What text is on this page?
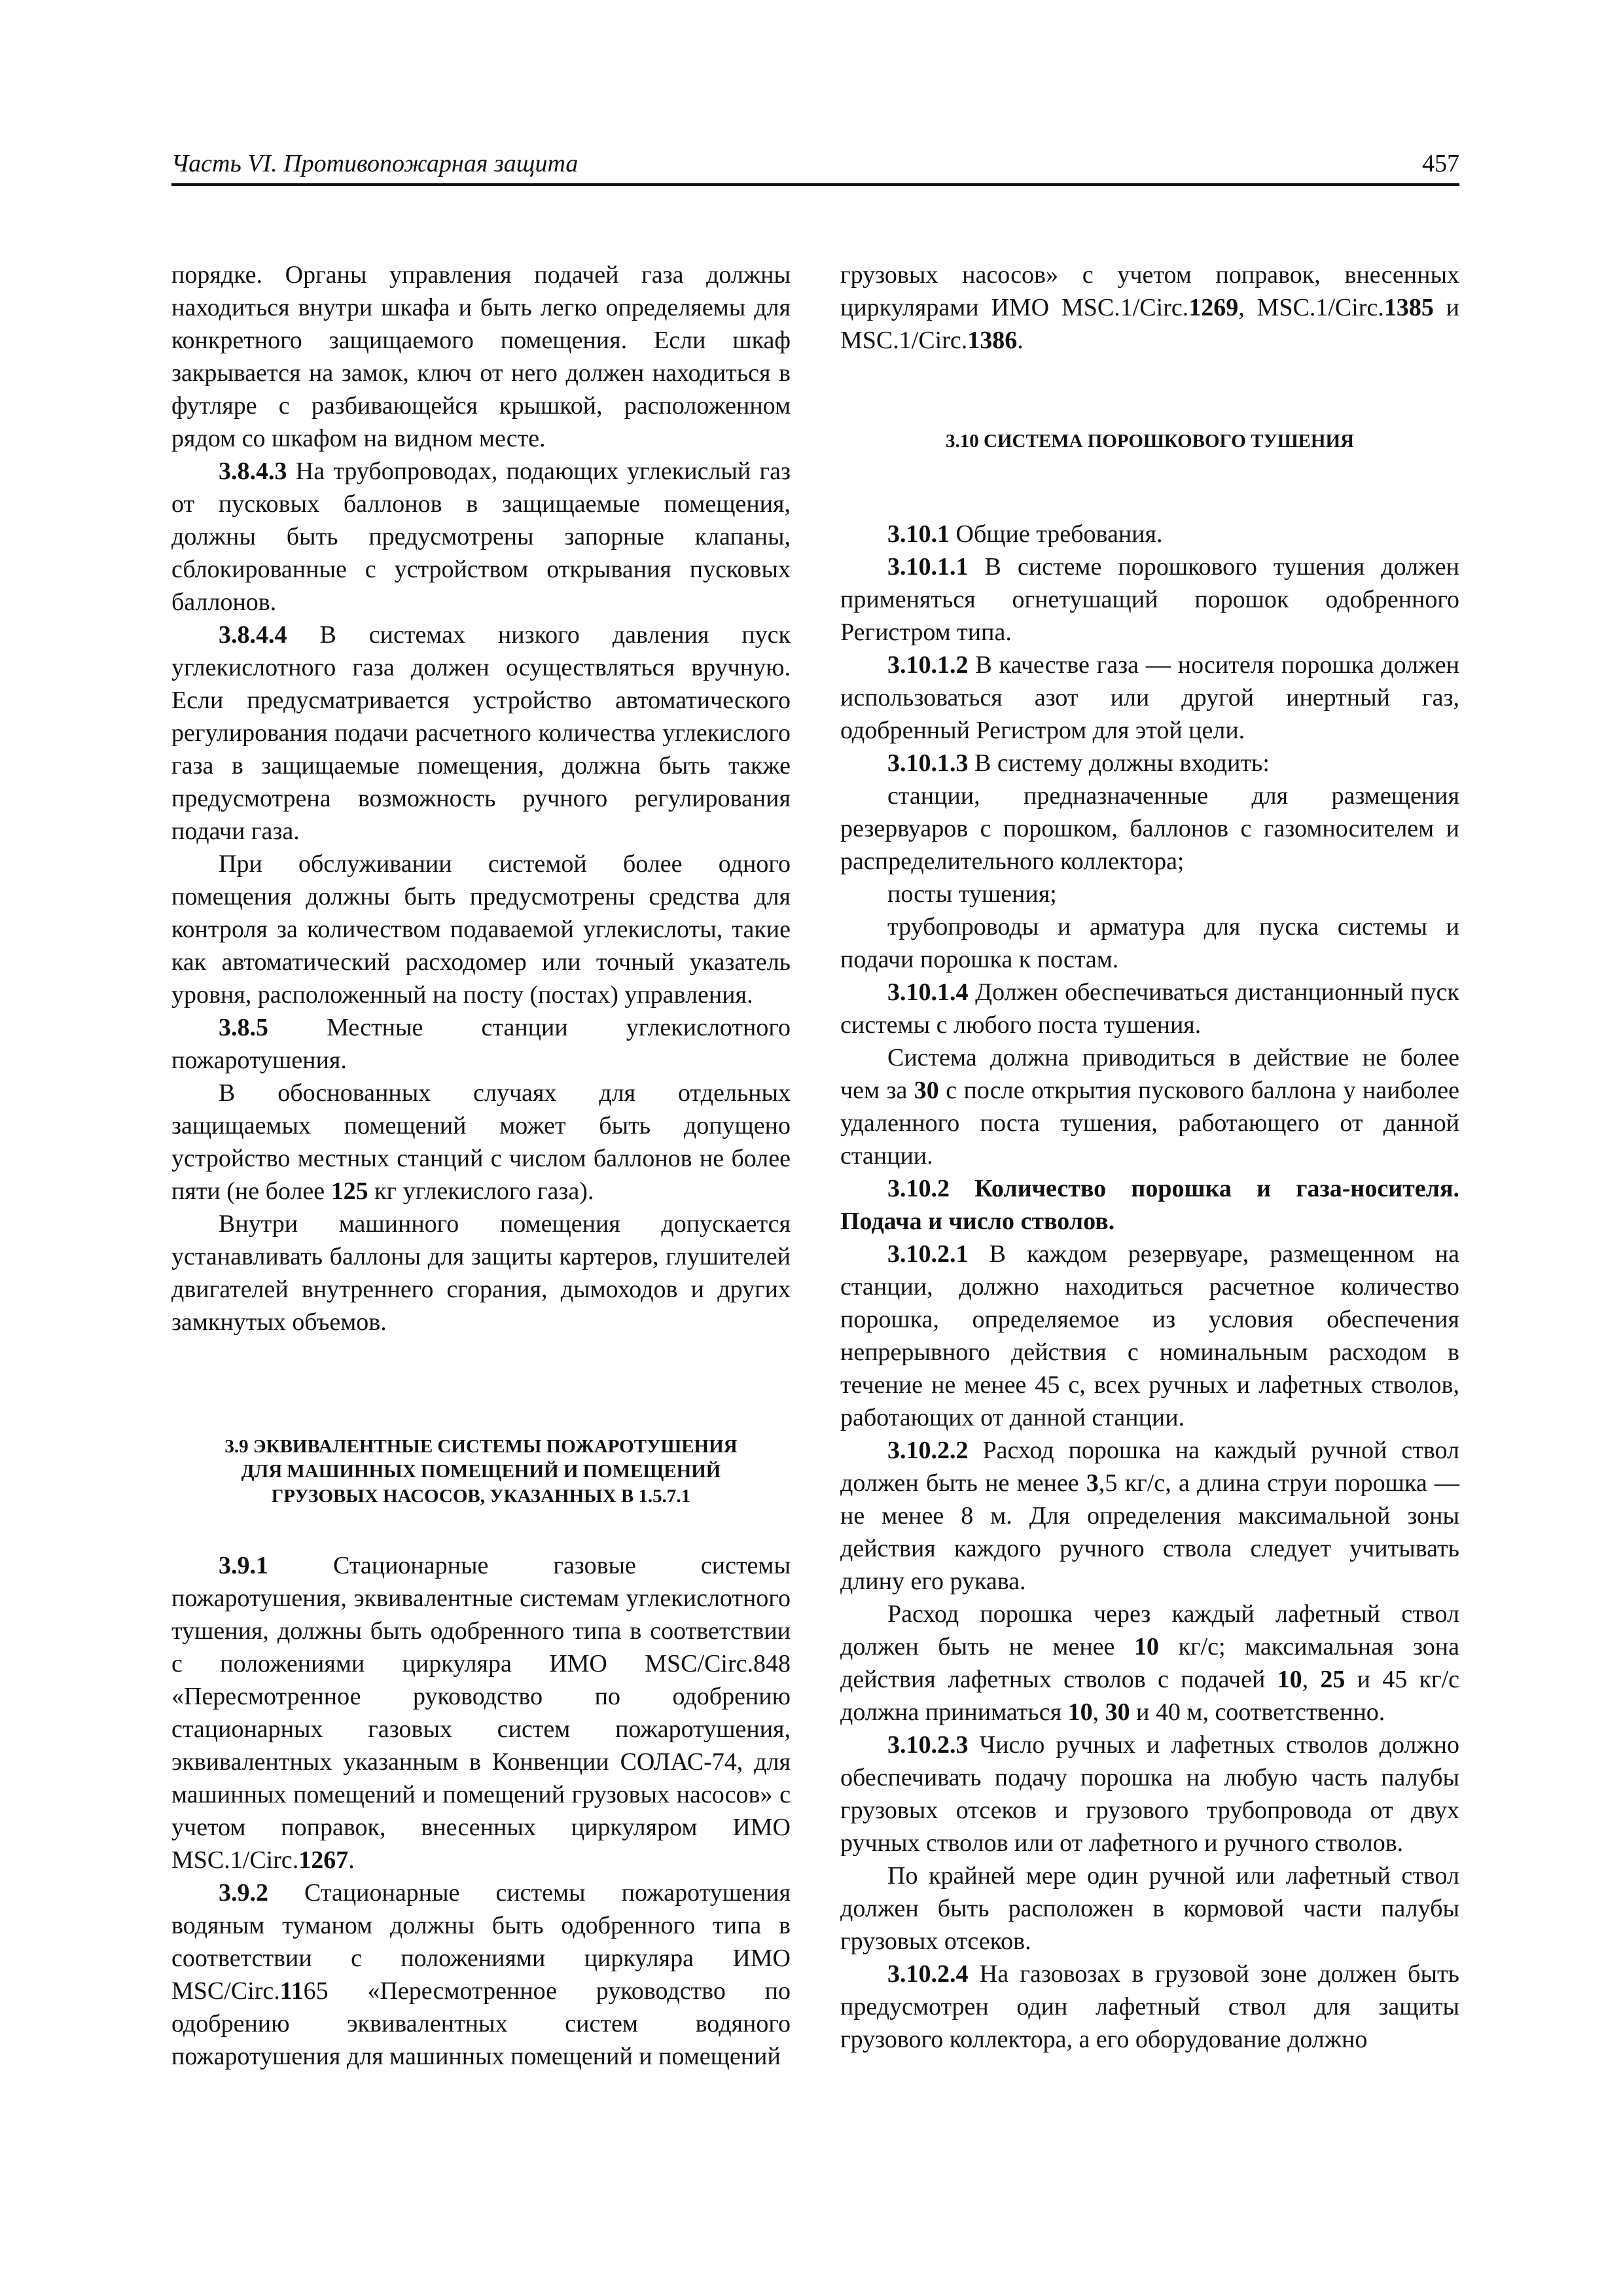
Часть VI. Противопожарная защита	457

порядке. Органы управления подачей газа должны находиться внутри шкафа и быть легко определяемы для конкретного защищаемого помещения. Если шкаф закрывается на замок, ключ от него должен находиться в футляре с разбивающейся крышкой, расположенном рядом со шкафом на видном месте.

3.8.4.3 На трубопроводах, подающих углекислый газ от пусковых баллонов в защищаемые помещения, должны быть предусмотрены запорные клапаны, сблокированные с устройством открывания пусковых баллонов.

3.8.4.4 В системах низкого давления пуск углекислотного газа должен осуществляться вручную. Если предусматривается устройство автоматического регулирования подачи расчетного количества углекислого газа в защищаемые помещения, должна быть также предусмотрена возможность ручного регулирования подачи газа.

При обслуживании системой более одного помещения должны быть предусмотрены средства для контроля за количеством подаваемой углекислоты, такие как автоматический расходомер или точный указатель уровня, расположенный на посту (постах) управления.

3.8.5 Местные станции углекислотного пожаротушения.

В обоснованных случаях для отдельных защищаемых помещений может быть допущено устройство местных станций с числом баллонов не более пяти (не более 125 кг углекислого газа).

Внутри машинного помещения допускается устанавливать баллоны для защиты картеров, глушителей двигателей внутреннего сгорания, дымоходов и других замкнутых объемов.

3.9 ЭКВИВАЛЕНТНЫЕ СИСТЕМЫ ПОЖАРОТУШЕНИЯ
ДЛЯ МАШИННЫХ ПОМЕЩЕНИЙ И ПОМЕЩЕНИЙ
ГРУЗОВЫХ НАСОСОВ, УКАЗАННЫХ В 1.5.7.1

3.9.1 Стационарные газовые системы пожаротушения, эквивалентные системам углекислотного тушения, должны быть одобренного типа в соответствии с положениями циркуляра ИМО MSC/Circ.848 «Пересмотренное руководство по одобрению стационарных газовых систем пожаротушения, эквивалентных указанным в Конвенции СОЛАС-74, для машинных помещений и помещений грузовых насосов» с учетом поправок, внесенных циркуляром ИМО MSC.1/Circ.1267.

3.9.2 Стационарные системы пожаротушения водяным туманом должны быть одобренного типа в соответствии с положениями циркуляра ИМО MSC/Circ.1165 «Пересмотренное руководство по одобрению эквивалентных систем водяного пожаротушения для машинных помещений и помещений

грузовых насосов» с учетом поправок, внесенных циркулярами ИМО MSC.1/Circ.1269, MSC.1/Circ.1385 и MSC.1/Circ.1386.

3.10 СИСТЕМА ПОРОШКОВОГО ТУШЕНИЯ

3.10.1 Общие требования.

3.10.1.1 В системе порошкового тушения должен применяться огнетушащий порошок одобренного Регистром типа.

3.10.1.2 В качестве газа — носителя порошка должен использоваться азот или другой инертный газ, одобренный Регистром для этой цели.

3.10.1.3 В систему должны входить:

станции, предназначенные для размещения резервуаров с порошком, баллонов с газомносителем и распределительного коллектора;

посты тушения;

трубопроводы и арматура для пуска системы и подачи порошка к постам.

3.10.1.4 Должен обеспечиваться дистанционный пуск системы с любого поста тушения.

Система должна приводиться в действие не более чем за 30 с после открытия пускового баллона у наиболее удаленного поста тушения, работающего от данной станции.

3.10.2 Количество порошка и газа-носителя. Подача и число стволов.

3.10.2.1 В каждом резервуаре, размещенном на станции, должно находиться расчетное количество порошка, определяемое из условия обеспечения непрерывного действия с номинальным расходом в течение не менее 45 с, всех ручных и лафетных стволов, работающих от данной станции.

3.10.2.2 Расход порошка на каждый ручной ствол должен быть не менее 3,5 кг/с, а длина струи порошка — не менее 8 м. Для определения максимальной зоны действия каждого ручного ствола следует учитывать длину его рукава.

Расход порошка через каждый лафетный ствол должен быть не менее 10 кг/с; максимальная зона действия лафетных стволов с подачей 10, 25 и 45 кг/с должна приниматься 10, 30 и 40 м, соответственно.

3.10.2.3 Число ручных и лафетных стволов должно обеспечивать подачу порошка на любую часть палубы грузовых отсеков и грузового трубопровода от двух ручных стволов или от лафетного и ручного стволов.

По крайней мере один ручной или лафетный ствол должен быть расположен в кормовой части палубы грузовых отсеков.

3.10.2.4 На газовозах в грузовой зоне должен быть предусмотрен один лафетный ствол для защиты грузового коллектора, а его оборудование должно
